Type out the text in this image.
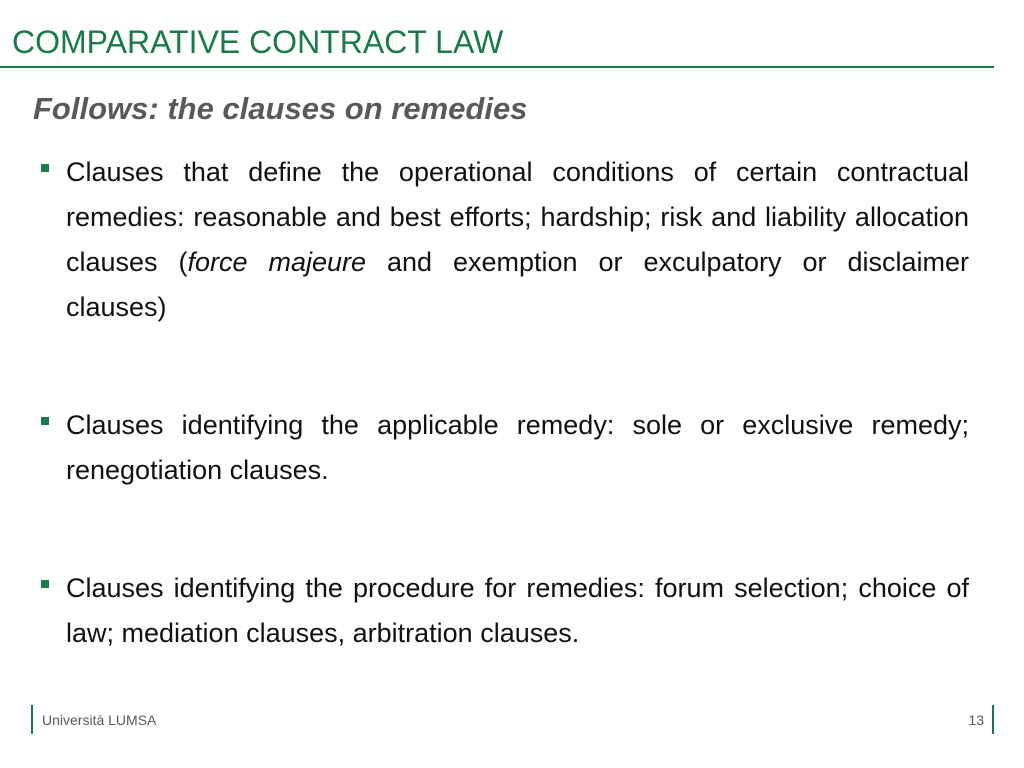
COMPARATIVE CONTRACT LAW
Follows: the clauses on remedies
Clauses that define the operational conditions of certain contractual remedies: reasonable and best efforts; hardship; risk and liability allocation clauses (force majeure and exemption or exculpatory or disclaimer clauses)
Clauses identifying the applicable remedy: sole or exclusive remedy; renegotiation clauses.
Clauses identifying the procedure for remedies: forum selection; choice of law; mediation clauses, arbitration clauses.
Università LUMSA	13
